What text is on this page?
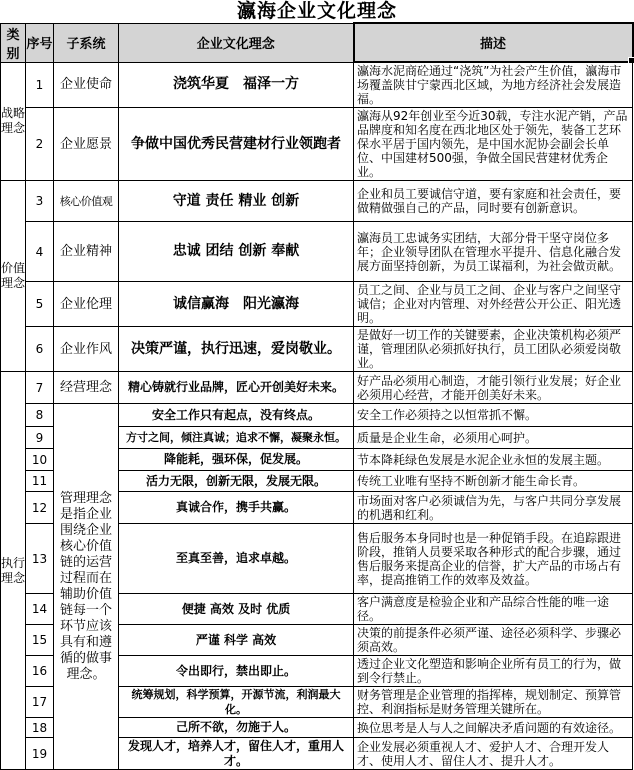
瀛海企业文化理念
类别	序号	子系统	企业文化理念	描述
战略理念	1	企业使命	浇筑华夏　福泽一方	瀛海水泥商砼通过“浇筑”为社会产生价值，瀛海市场覆盖陕甘宁蒙西北区域，为地方经济社会发展造福。
	2	企业愿景	争做中国优秀民营建材行业领跑者	瀛海从92年创业至今近30载，专注水泥产销，产品品牌度和知名度在西北地区处于领先，装备工艺环保水平居于国内领先，是中国水泥协会副会长单位、中国建材500强，争做全国民营建材优秀企业。
价值理念	3	核心价值观	守道 责任 精业 创新	企业和员工要诚信守道，要有家庭和社会责任，要做精做强自己的产品，同时要有创新意识。
	4	企业精神	忠诚 团结 创新 奉献	瀛海员工忠诚务实团结，大部分骨干坚守岗位多年；企业领导团队在管理水平提升、信息化融合发展方面坚持创新，为员工谋福利，为社会做贡献。
	5	企业伦理	诚信赢海　阳光瀛海	员工之间、企业与员工之间、企业与客户之间坚守诚信；企业对内管理、对外经营公开公正、阳光透明。
	6	企业作风	决策严谨，执行迅速，爱岗敬业。	是做好一切工作的关键要素，企业决策机构必须严谨，管理团队必须抓好执行，员工团队必须爱岗敬业。
执行理念	7	经营理念	精心铸就行业品牌，匠心开创美好未来。	好产品必须用心制造，才能引领行业发展；好企业必须用心经营，才能开创美好未来。
	8	管理理念是指企业围绕企业核心价值链的运营过程而在辅助价值链每一个环节应该具有和遵循的做事理念。	安全工作只有起点，没有终点。	安全工作必须持之以恒常抓不懈。
	9		方寸之间，倾注真诚；追求不懈，凝聚永恒。	质量是企业生命，必须用心呵护。
	10		降能耗，强环保，促发展。	节本降耗绿色发展是水泥企业永恒的发展主题。
	11		活力无限，创新无限，发展无限。	传统工业唯有坚持不断创新才能生命长青。
	12		真诚合作，携手共赢。	市场面对客户必须诚信为先，与客户共同分享发展的机遇和红利。
	13		至真至善，追求卓越。	售后服务本身同时也是一种促销手段。在追踪跟进阶段，推销人员要采取各种形式的配合步骤，通过售后服务来提高企业的信誉，扩大产品的市场占有率，提高推销工作的效率及效益。
	14		便捷 高效 及时 优质	客户满意度是检验企业和产品综合性能的唯一途径。
	15		严谨 科学 高效	决策的前提条件必须严谨、途径必须科学、步骤必须高效。
	16		令出即行，禁出即止。	透过企业文化塑造和影响企业所有员工的行为，做到令行禁止。
	17		统筹规划，科学预算，开源节流，利润最大化。	财务管理是企业管理的指挥棒，规划制定、预算管控、利润指标是财务管理关键所在。
	18		己所不欲，勿施于人。	换位思考是人与人之间解决矛盾问题的有效途径。
	19		发现人才，培养人才，留住人才，重用人才。	企业发展必须重视人才、爱护人才、合理开发人才、使用人才、留住人才、提升人才。
